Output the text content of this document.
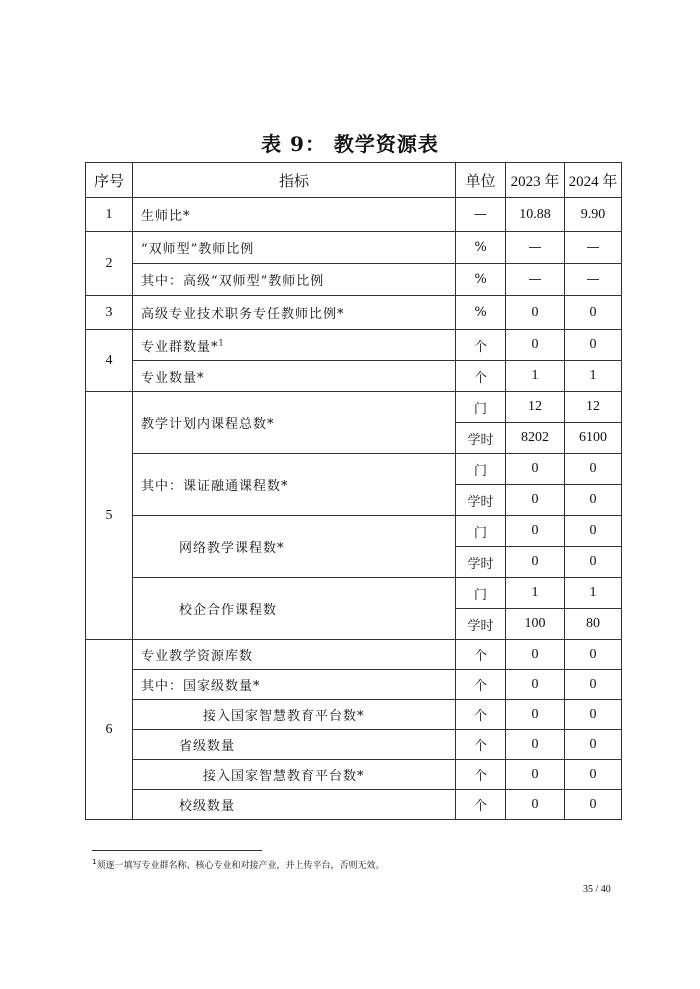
表 9： 教学资源表
序号	指标	单位	2023 年	2024 年
1	生师比*	—	10.88	9.90
2	“双师型”教师比例	%	—	—
	其中：高级“双师型”教师比例	%	—	—
3	高级专业技术职务专任教师比例*	%	0	0
4	专业群数量*$^1$	个	0	0
	专业数量*	个	1	1
5	教学计划内课程总数*	门	12	12
		学时	8202	6100
	其中：课证融通课程数*	门	0	0
		学时	0	0
	网络教学课程数*	门	0	0
		学时	0	0
	校企合作课程数	门	1	1
		学时	100	80
6	专业教学资源库数	个	0	0
	其中：国家级数量*	个	0	0
	接入国家智慧教育平台数*	个	0	0
	省级数量	个	0	0
	接入国家智慧教育平台数*	个	0	0
	校级数量	个	0	0
$^1$须逐一填写专业群名称、核心专业和对接产业，并上传平台，否则无效。
35 / 40
